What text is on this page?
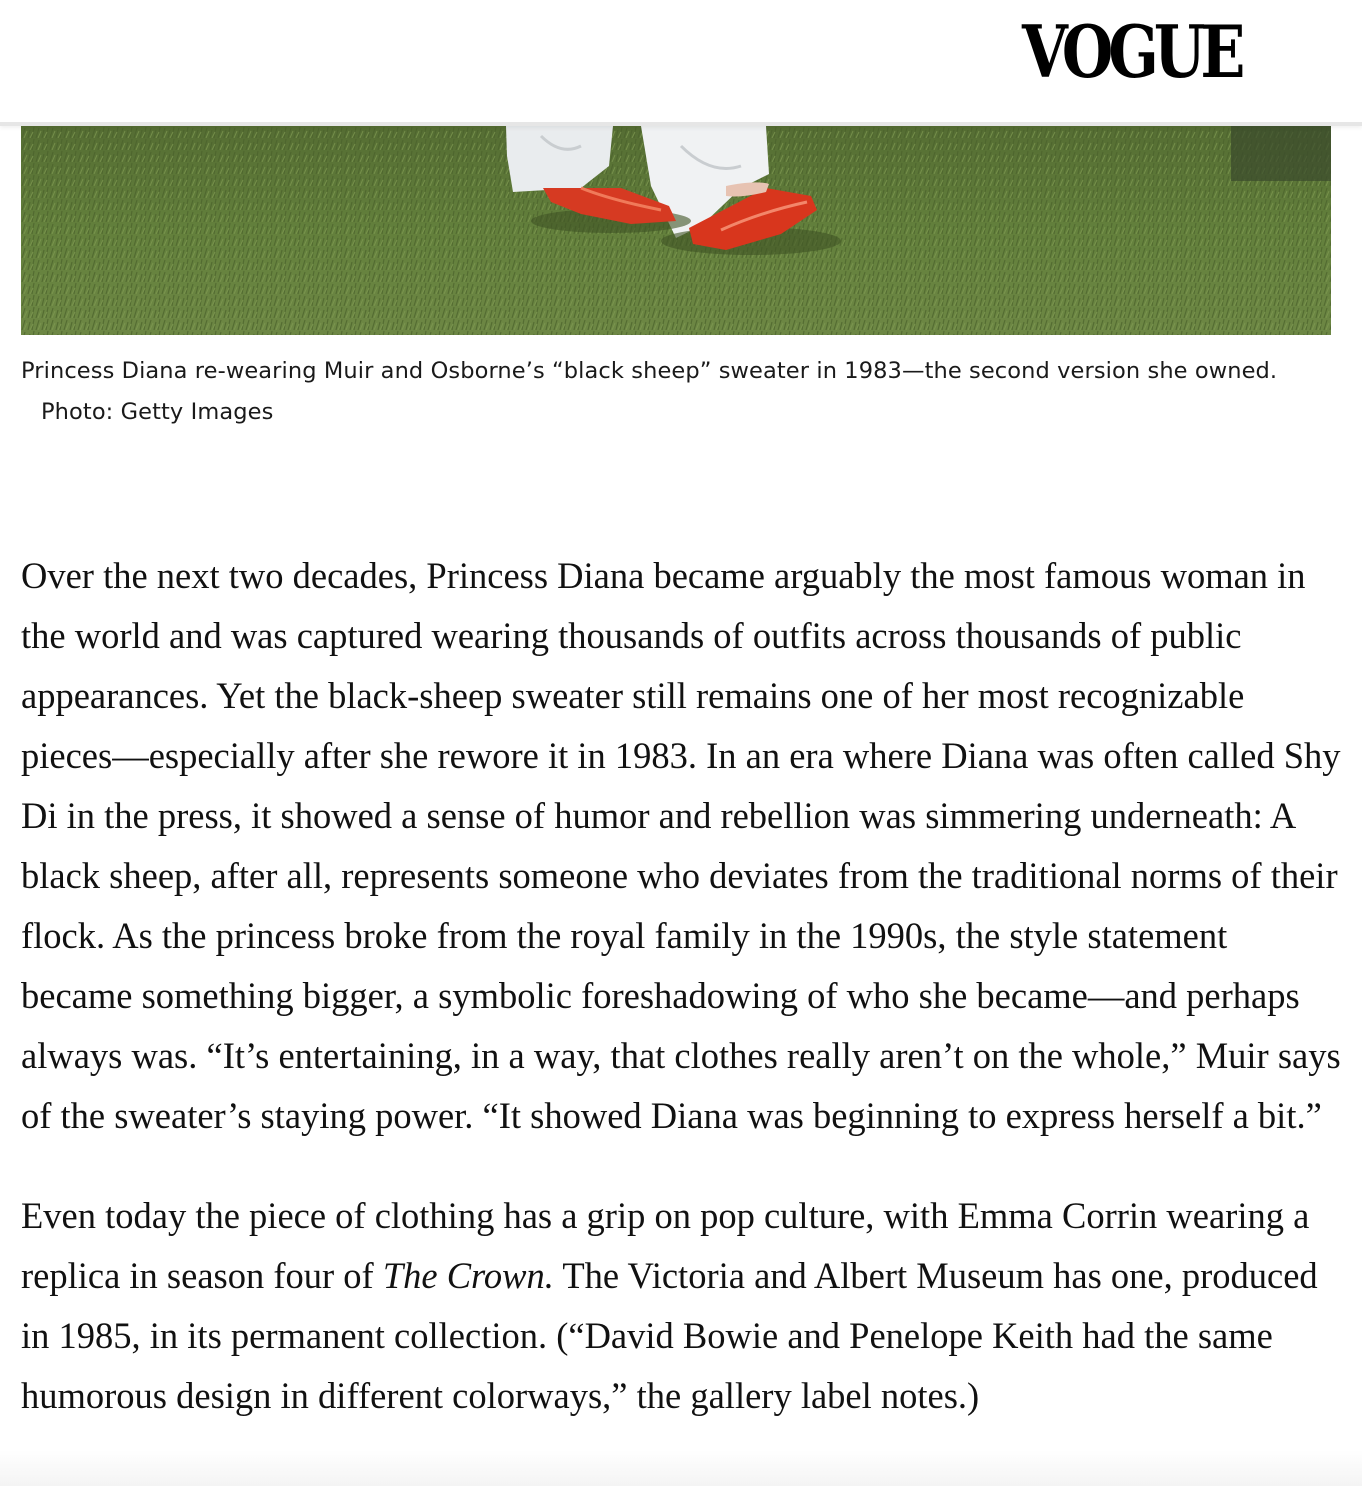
VOGUE
Princess Diana re-wearing Muir and Osborne’s “black sheep” sweater in 1983—the second version she owned. Photo: Getty Images

Over the next two decades, Princess Diana became arguably the most famous woman in the world and was captured wearing thousands of outfits across thousands of public appearances. Yet the black-sheep sweater still remains one of her most recognizable pieces—especially after she rewore it in 1983. In an era where Diana was often called Shy Di in the press, it showed a sense of humor and rebellion was simmering underneath: A black sheep, after all, represents someone who deviates from the traditional norms of their flock. As the princess broke from the royal family in the 1990s, the style statement became something bigger, a symbolic foreshadowing of who she became—and perhaps always was. “It’s entertaining, in a way, that clothes really aren’t on the whole,” Muir says of the sweater’s staying power. “It showed Diana was beginning to express herself a bit.”

Even today the piece of clothing has a grip on pop culture, with Emma Corrin wearing a replica in season four of The Crown. The Victoria and Albert Museum has one, produced in 1985, in its permanent collection. (“David Bowie and Penelope Keith had the same humorous design in different colorways,” the gallery label notes.)
